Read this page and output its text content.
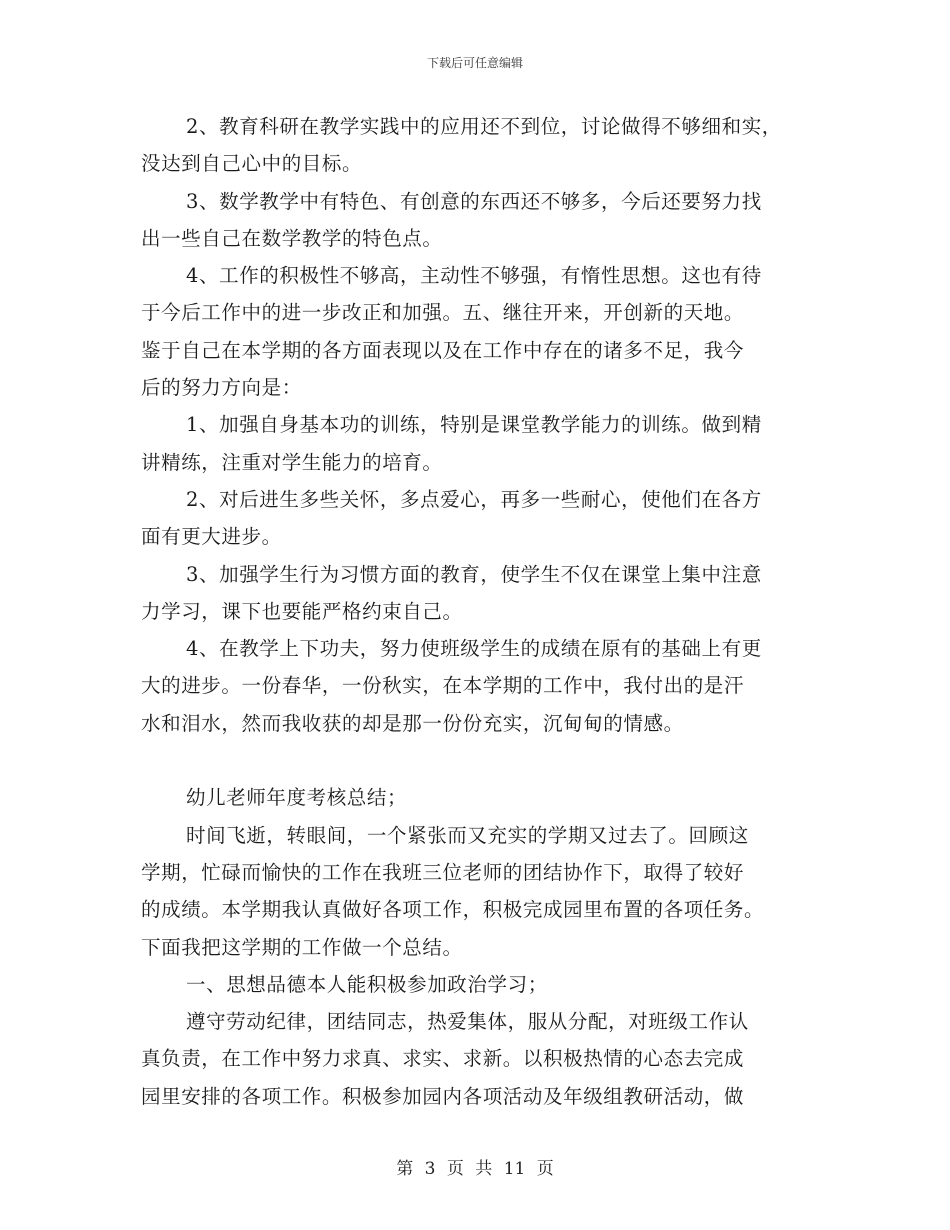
下载后可任意编辑
2、教育科研在教学实践中的应用还不到位，讨论做得不够细和实，
没达到自己心中的目标。
3、数学教学中有特色、有创意的东西还不够多，今后还要努力找
出一些自己在数学教学的特色点。
4、工作的积极性不够高，主动性不够强，有惰性思想。这也有待
于今后工作中的进一步改正和加强。五、继往开来，开创新的天地。
鉴于自己在本学期的各方面表现以及在工作中存在的诸多不足，我今
后的努力方向是：
1、加强自身基本功的训练，特别是课堂教学能力的训练。做到精
讲精练，注重对学生能力的培育。
2、对后进生多些关怀，多点爱心，再多一些耐心，使他们在各方
面有更大进步。
3、加强学生行为习惯方面的教育，使学生不仅在课堂上集中注意
力学习，课下也要能严格约束自己。
4、在教学上下功夫，努力使班级学生的成绩在原有的基础上有更
大的进步。一份春华，一份秋实，在本学期的工作中，我付出的是汗
水和泪水，然而我收获的却是那一份份充实，沉甸甸的情感。
幼儿老师年度考核总结；
时间飞逝，转眼间，一个紧张而又充实的学期又过去了。回顾这
学期，忙碌而愉快的工作在我班三位老师的团结协作下，取得了较好
的成绩。本学期我认真做好各项工作，积极完成园里布置的各项任务。
下面我把这学期的工作做一个总结。
一、思想品德本人能积极参加政治学习；
遵守劳动纪律，团结同志，热爱集体，服从分配，对班级工作认
真负责，在工作中努力求真、求实、求新。以积极热情的心态去完成
园里安排的各项工作。积极参加园内各项活动及年级组教研活动，做
第 3 页 共 11 页
